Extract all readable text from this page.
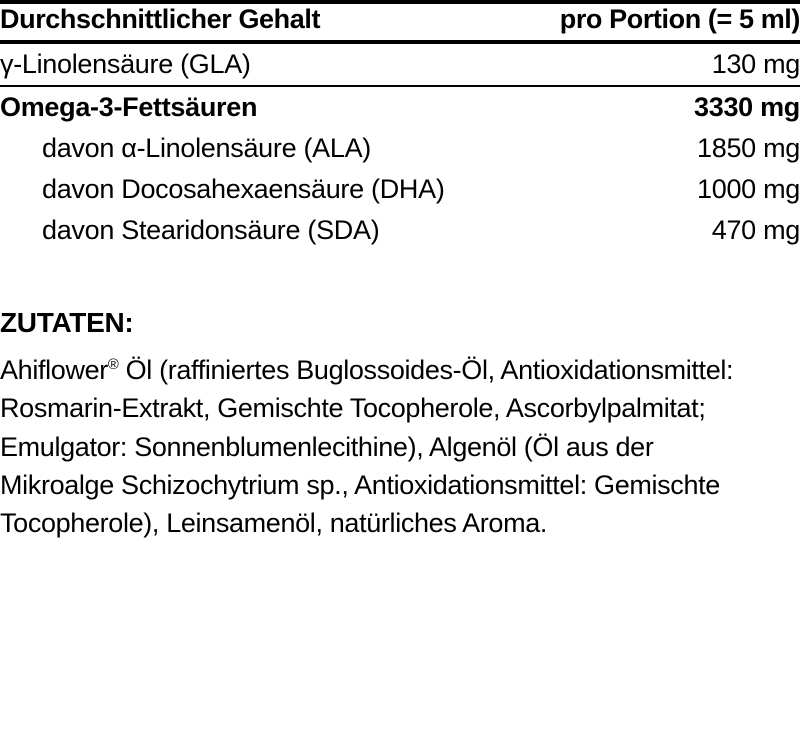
Durchschnittlicher Gehalt	pro Portion (= 5 ml)

γ-Linolensäure (GLA)	130 mg

Omega-3-Fettsäuren	3330 mg
davon α-Linolensäure (ALA)	1850 mg
davon Docosahexaensäure (DHA)	1000 mg
davon Stearidonsäure (SDA)	470 mg
ZUTATEN:
Ahiflower® Öl (raffiniertes Buglossoides-Öl, Antioxidationsmittel: Rosmarin-Extrakt, Gemischte Tocopherole, Ascorbylpalmitat; Emulgator: Sonnenblumenlecithine), Algenöl (Öl aus der Mikroalge Schizochytrium sp., Antioxidationsmittel: Gemischte Tocopherole), Leinsamenöl, natürliches Aroma.
